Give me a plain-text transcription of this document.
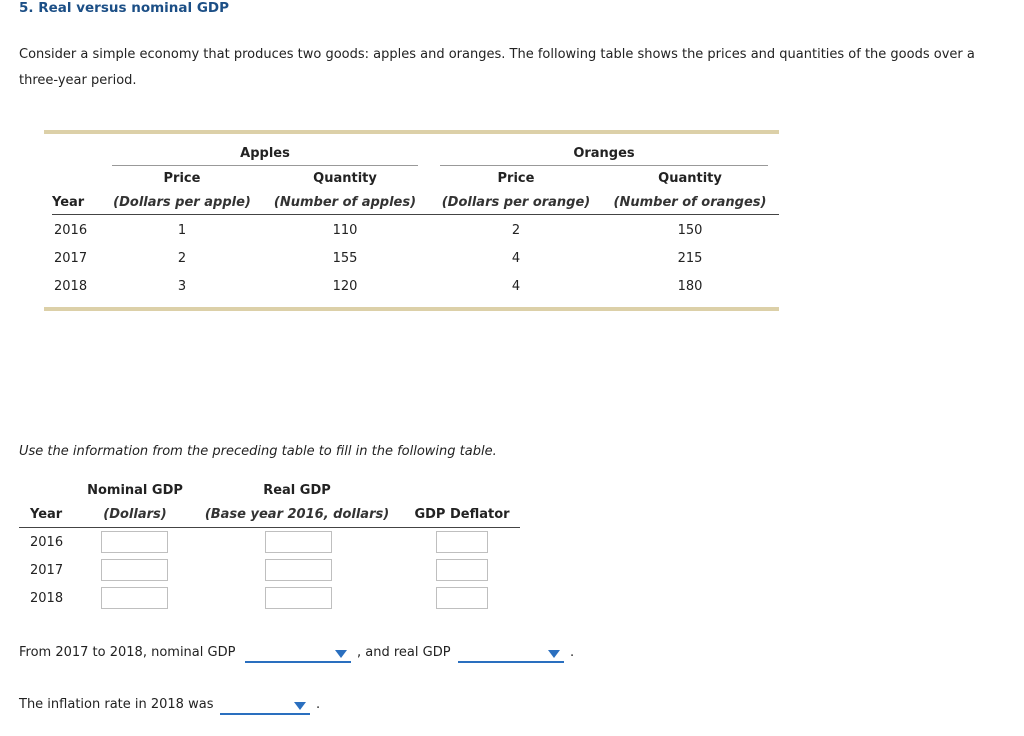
5. Real versus nominal GDP
Consider a simple economy that produces two goods: apples and oranges. The following table shows the prices and quantities of the goods over a three-year period.
Apples	Oranges
Price	Quantity	Price	Quantity
Year	(Dollars per apple) (Number of apples) (Dollars per orange) (Number of oranges)
2016	1	110	2	150
2017	2	155	4	215
2018	3	120	4	180
Use the information from the preceding table to fill in the following table.
Nominal GDP	Real GDP
Year	(Dollars)	(Base year 2016, dollars)	GDP Deflator
2016
2017
2018
From 2017 to 2018, nominal GDP	, and real GDP	.
The inflation rate in 2018 was	.
